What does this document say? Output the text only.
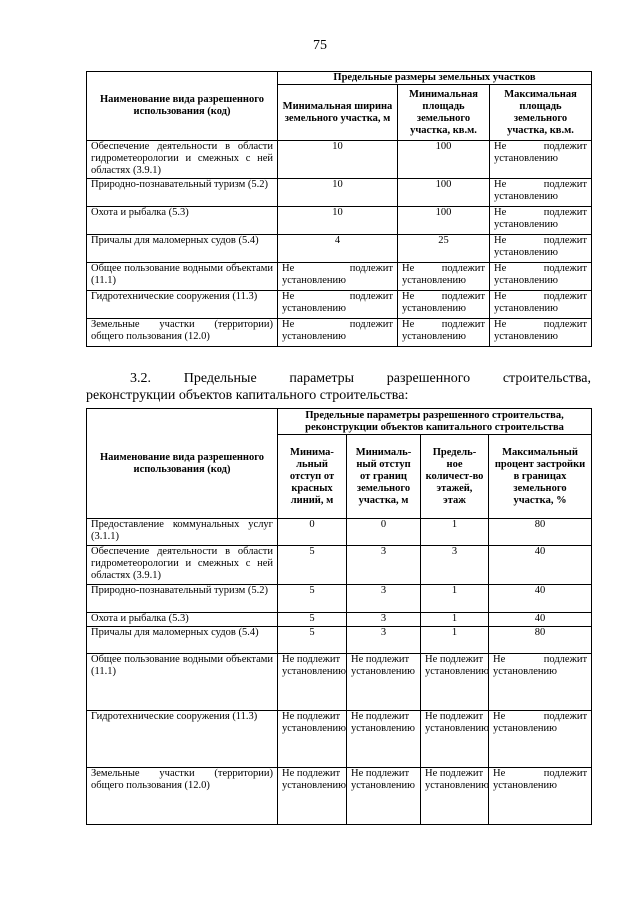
75
Наименование вида разрешенного использования (код)	Предельные размеры земельных участков		
	Минимальная ширина земельного участка, м	Минимальная площадь земельного участка, кв.м.	Максимальная площадь земельного участка, кв.м.
Обеспечение деятельности в области гидрометеорологии и смежных с ней областях (3.9.1)	10	100	Не подлежит установлению
Природно-познавательный туризм (5.2)	10	100	Не подлежит установлению
Охота и рыбалка (5.3)	10	100	Не подлежит установлению
Причалы для маломерных судов (5.4)	4	25	Не подлежит установлению
Общее пользование водными объектами (11.1)	Не подлежит установлению	Не подлежит установлению	Не подлежит установлению
Гидротехнические сооружения (11.3)	Не подлежит установлению	Не подлежит установлению	Не подлежит установлению
Земельные участки (территории) общего пользования (12.0)	Не подлежит установлению	Не подлежит установлению	Не подлежит установлению
3.2. Предельные параметры разрешенного строительства,
реконструкции объектов капитального строительства:
Наименование вида разрешенного использования (код)	Предельные параметры разрешенного строительства, реконструкции объектов капитального строительства			
	Минима-льный отступ от красных линий, м	Минималь-ный отступ от границ земельного участка, м	Предель-ное количест-во этажей, этаж	Максимальный процент застройки в границах земельного участка, %
Предоставление коммунальных услуг (3.1.1)	0	0	1	80
Обеспечение деятельности в области гидрометеорологии и смежных с ней областях (3.9.1)	5	3	3	40
Природно-познавательный туризм (5.2)	5	3	1	40
Охота и рыбалка (5.3)	5	3	1	40
Причалы для маломерных судов (5.4)	5	3	1	80
Общее пользование водными объектами (11.1)	Не подлежит установлению	Не подлежит установлению	Не подлежит установлению	Не подлежит установлению
Гидротехнические сооружения (11.3)	Не подлежит установлению	Не подлежит установлению	Не подлежит установлению	Не подлежит установлению
Земельные участки (территории) общего пользования (12.0)	Не подлежит установлению	Не подлежит установлению	Не подлежит установлению	Не подлежит установлению
